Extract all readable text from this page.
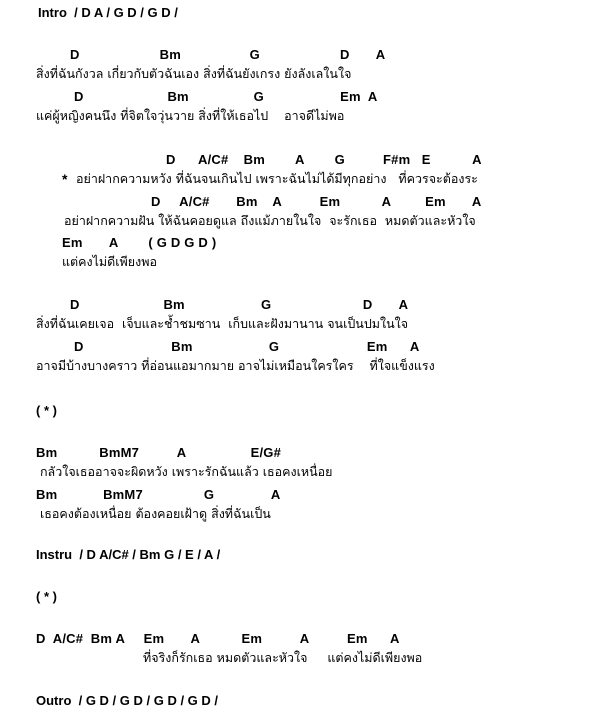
Intro  / D A / G D / G D /
D                     Bm                  G                     D       A
สิ่งที่ฉันกังวล เกี่ยวกับตัวฉันเอง สิ่งที่ฉันยังเกรง ยังลังเลในใจ
D                      Bm                 G                    Em  A
แค่ผู้หญิงคนนึง ที่จิตใจวุ่นวาย สิ่งที่ให้เธอไป    อาจดีไม่พอ
D      A/C#    Bm        A        G          F#m   E           A
* อย่าฝากความหวัง ที่ฉันจนเกินไป เพราะฉันไม่ได้มีทุกอย่าง   ที่ควรจะต้องระ
D     A/C#       Bm    A          Em           A         Em       A
อย่าฝากความฝัน ให้ฉันคอยดูแล ถึงแม้ภายในใจ  จะรักเธอ  หมดตัวและหัวใจ
Em       A        ( G D G D )
แต่คงไม่ดีเพียงพอ
D                      Bm                    G                        D       A
สิ่งที่ฉันเคยเจอ  เจ็บและช้ำชมซาน  เก็บและฝังมานาน จนเป็นปมในใจ
D                       Bm                    G                       Em      A
อาจมีบ้างบางคราว ที่อ่อนแอมากมาย อาจไม่เหมือนใครใคร    ที่ใจแข็งแรง
( * )
Bm           BmM7          A                 E/G#
กลัวใจเธออาจจะผิดหวัง เพราะรักฉันแล้ว เธอคงเหนื่อย
Bm            BmM7                G               A
เธอคงต้องเหนื่อย ต้องคอยเฝ้าดู สิ่งที่ฉันเป็น
Instru  / D A/C# / Bm G / E / A /
( * )
D  A/C#  Bm A     Em       A           Em          A          Em      A
ที่จริงก็รักเธอ หมดตัวและหัวใจ     แต่คงไม่ดีเพียงพอ
Outro  / G D / G D / G D / G D /
